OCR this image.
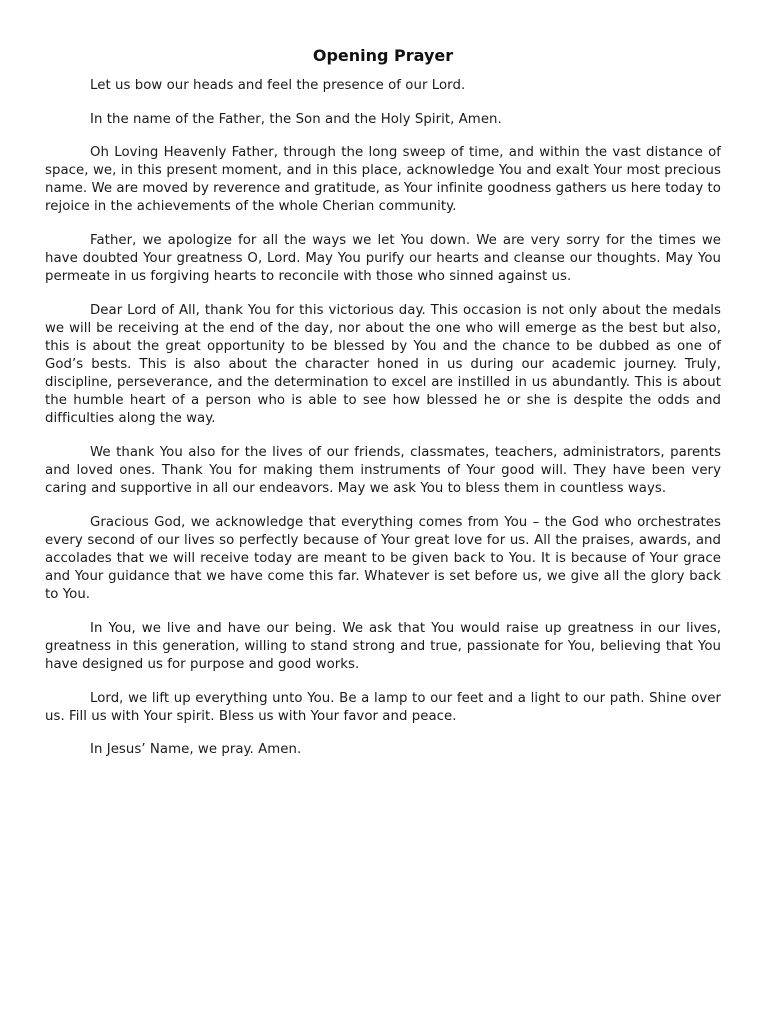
Opening Prayer

Let us bow our heads and feel the presence of our Lord.

In the name of the Father, the Son and the Holy Spirit, Amen.

Oh Loving Heavenly Father, through the long sweep of time, and within the vast distance of space, we, in this present moment, and in this place, acknowledge You and exalt Your most precious name. We are moved by reverence and gratitude, as Your infinite goodness gathers us here today to rejoice in the achievements of the whole Cherian community.

Father, we apologize for all the ways we let You down. We are very sorry for the times we have doubted Your greatness O, Lord. May You purify our hearts and cleanse our thoughts. May You permeate in us forgiving hearts to reconcile with those who sinned against us.

Dear Lord of All, thank You for this victorious day. This occasion is not only about the medals we will be receiving at the end of the day, nor about the one who will emerge as the best but also, this is about the great opportunity to be blessed by You and the chance to be dubbed as one of God’s bests. This is also about the character honed in us during our academic journey. Truly, discipline, perseverance, and the determination to excel are instilled in us abundantly. This is about the humble heart of a person who is able to see how blessed he or she is despite the odds and difficulties along the way.

We thank You also for the lives of our friends, classmates, teachers, administrators, parents and loved ones. Thank You for making them instruments of Your good will. They have been very caring and supportive in all our endeavors. May we ask You to bless them in countless ways.

Gracious God, we acknowledge that everything comes from You – the God who orchestrates every second of our lives so perfectly because of Your great love for us. All the praises, awards, and accolades that we will receive today are meant to be given back to You. It is because of Your grace and Your guidance that we have come this far. Whatever is set before us, we give all the glory back to You.

In You, we live and have our being. We ask that You would raise up greatness in our lives, greatness in this generation, willing to stand strong and true, passionate for You, believing that You have designed us for purpose and good works.

Lord, we lift up everything unto You. Be a lamp to our feet and a light to our path. Shine over us. Fill us with Your spirit. Bless us with Your favor and peace.

In Jesus’ Name, we pray. Amen.
